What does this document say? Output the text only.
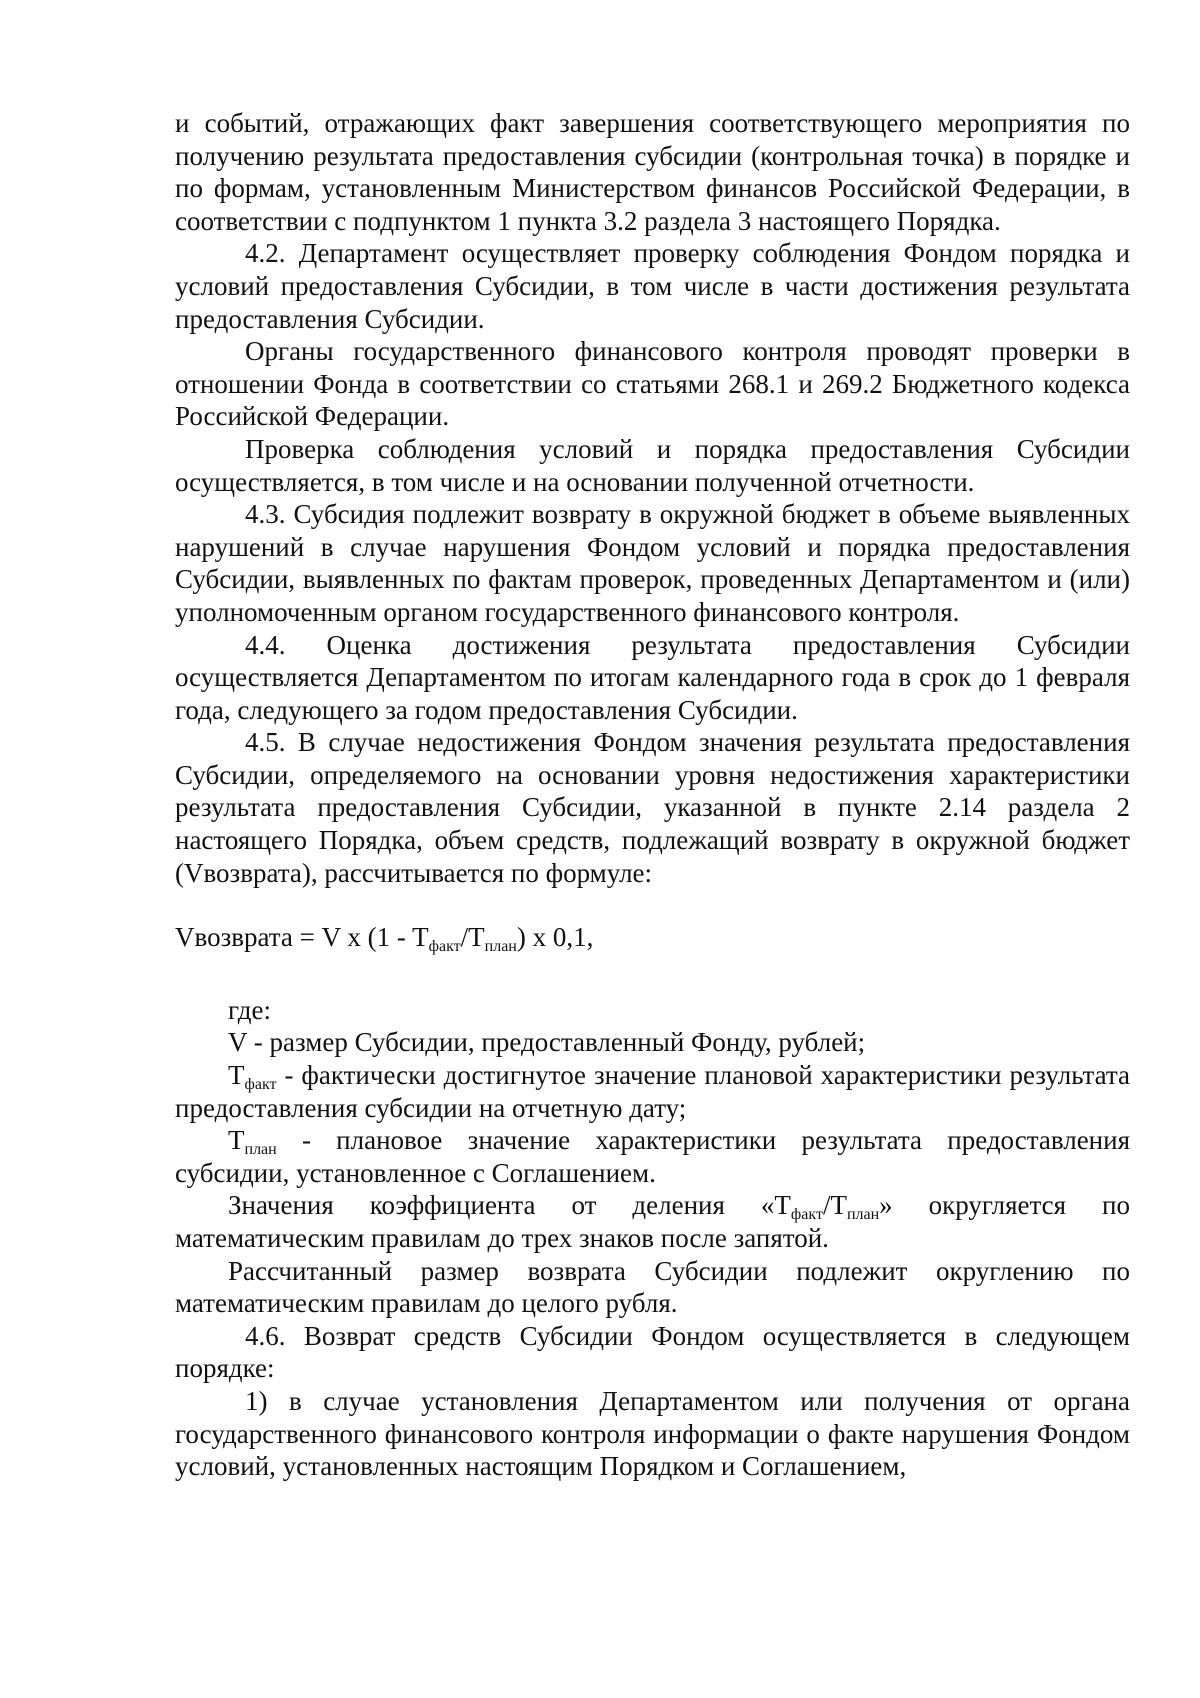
и событий, отражающих факт завершения соответствующего мероприятия по получению результата предоставления субсидии (контрольная точка) в порядке и по формам, установленным Министерством финансов Российской Федерации, в соответствии с подпунктом 1 пункта 3.2 раздела 3 настоящего Порядка.

4.2. Департамент осуществляет проверку соблюдения Фондом порядка и условий предоставления Субсидии, в том числе в части достижения результата предоставления Субсидии.

Органы государственного финансового контроля проводят проверки в отношении Фонда в соответствии со статьями 268.1 и 269.2 Бюджетного кодекса Российской Федерации.

Проверка соблюдения условий и порядка предоставления Субсидии осуществляется, в том числе и на основании полученной отчетности.

4.3. Субсидия подлежит возврату в окружной бюджет в объеме выявленных нарушений в случае нарушения Фондом условий и порядка предоставления Субсидии, выявленных по фактам проверок, проведенных Департаментом и (или) уполномоченным органом государственного финансового контроля.

4.4. Оценка достижения результата предоставления Субсидии осуществляется Департаментом по итогам календарного года в срок до 1 февраля года, следующего за годом предоставления Субсидии.

4.5. В случае недостижения Фондом значения результата предоставления Субсидии, определяемого на основании уровня недостижения характеристики результата предоставления Субсидии, указанной в пункте 2.14 раздела 2 настоящего Порядка, объем средств, подлежащий возврату в окружной бюджет (Vвозврата), рассчитывается по формуле:

Vвозврата = V x $(1 - T_{факт}/T_{план})$ x 0,1,

где:

V - размер Субсидии, предоставленный Фонду, рублей;

$T_{факт}$ - фактически достигнутое значение плановой характеристики результата предоставления субсидии на отчетную дату;

$T_{план}$ - плановое значение характеристики результата предоставления субсидии, установленное с Соглашением.

Значения коэффициента от деления «$T_{факт}/T_{план}$» округляется по математическим правилам до трех знаков после запятой.

Рассчитанный размер возврата Субсидии подлежит округлению по математическим правилам до целого рубля.

4.6. Возврат средств Субсидии Фондом осуществляется в следующем порядке:

1) в случае установления Департаментом или получения от органа государственного финансового контроля информации о факте нарушения Фондом условий, установленных настоящим Порядком и Соглашением,
